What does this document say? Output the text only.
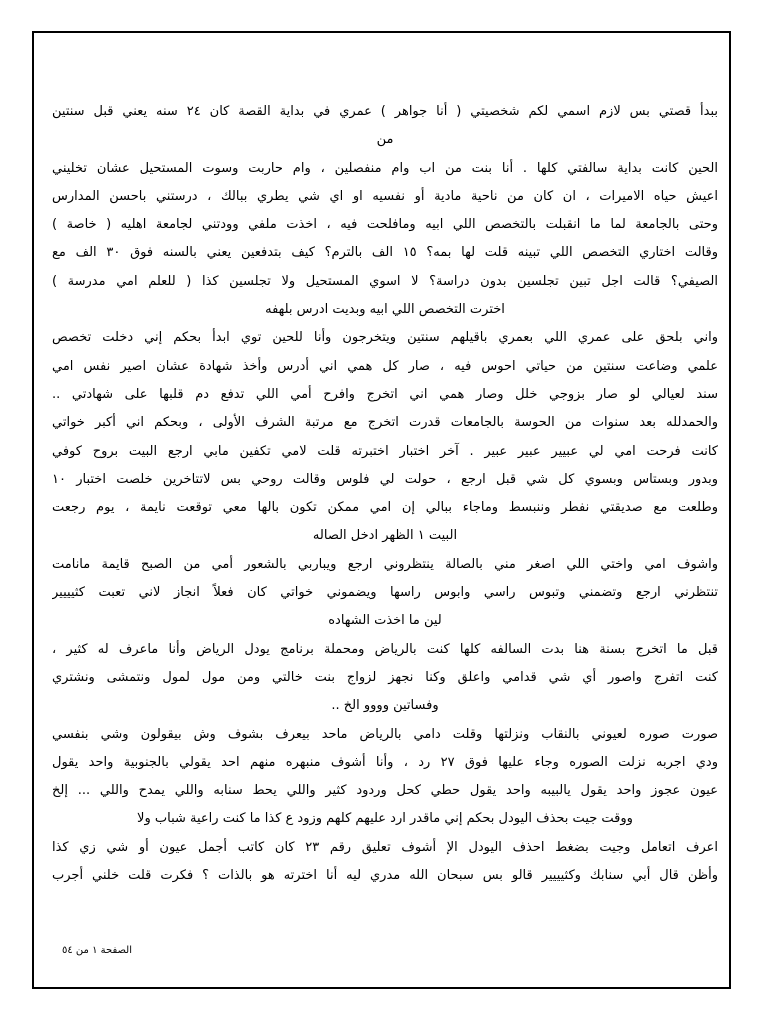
ببدأ قصتي بس لازم اسمي لكم شخصيتي ( أنا جواهر ) عمري في بداية القصة كان ٢٤ سنه يعني قبل سنتين
من
الحين كانت بداية سالفتي كلها . أنا بنت من اب وام منفصلين ، وام حاربت وسوت المستحيل عشان تخليني
اعيش حياه الاميرات ، ان كان من ناحية مادية أو نفسيه او اي شي يطري ببالك ، درستني باحسن المدارس
وحتى بالجامعة لما ما انقبلت بالتخصص اللي ابيه ومافلحت فيه ، اخذت ملفي وودتني لجامعة اهليه ( خاصة )
وقالت اختاري التخصص اللي تبينه قلت لها بمه؟ ١٥ الف بالترم؟ كيف بتدفعين يعني بالسنه فوق ٣٠ الف مع
الصيفي؟ قالت اجل تبين تجلسين بدون دراسة؟ لا اسوي المستحيل ولا تجلسين كذا ( للعلم امي مدرسة )
اخترت التخصص اللي ابيه وبديت ادرس بلهفه
واني بلحق على عمري اللي بعمري باقيلهم سنتين ويتخرجون وأنا للحين توي ابدأ بحكم إني دخلت تخصص
علمي وضاعت سنتين من حياتي احوس فيه ، صار كل همي اني أدرس وأخذ شهادة عشان اصير نفس امي
سند لعيالي لو صار بزوجي خلل وصار همي اني اتخرج وافرح أمي اللي تدفع دم قلبها على شهادتي ..
والحمدلله بعد سنوات من الحوسة بالجامعات قدرت اتخرج مع مرتبة الشرف الأولى ، وبحكم اني أكبر خواتي
كانت فرحت امي لي عبيير عبير عبير . آخر اختبار اختبرته قلت لامي تكفين مابي ارجع البيت بروح كوفي
وبدور وبستاس وبسوي كل شي قبل ارجع ، حولت لي فلوس وقالت روحي بس لاتتاخرين خلصت اختبار ١٠
وطلعت مع صديقتي نفطر وننبسط وماجاء ببالي إن امي ممكن تكون بالها معي توقعت نايمة ، يوم رجعت
البيت ١ الظهر ادخل الصاله
واشوف امي واختي اللي اصغر مني بالصالة ينتظروني ارجع ويباربي بالشعور أمي من الصبح قايمة مانامت
تنتظرني ارجع وتضمني وتبوس راسي وابوس راسها ويضموني خواتي كان فعلاً انجاز لاني تعبت كثيييير
لين ما اخذت الشهاده
قبل ما اتخرج بسنة هنا بدت السالفه كلها كنت بالرياض ومحملة برنامج يودل الرياض وأنا ماعرف له كثير ،
كنت اتفرج واصور أي شي قدامي واعلق وكنا نجهز لزواج بنت خالتي ومن مول لمول ونتمشى ونشتري
وفساتين وووو الخ ..
صورت صوره لعيوني بالنقاب ونزلتها وقلت دامي بالرياض ماحد بيعرف بشوف وش بيقولون وشي بنفسي
ودي اجربه نزلت الصوره وجاء عليها فوق ٢٧ رد ، وأنا أشوف منبهره منهم احد يقولي بالجنوبية واحد يقول
عيون عجوز واحد يقول يالبيبه واحد يقول حطي كحل وردود كثير واللي يحط سنابه واللي يمدح واللي ... إلخ
ووقت جيت بحذف اليودل بحكم إني ماقدر ارد عليهم كلهم وزود ع كذا ما كنت راعية شباب ولا
اعرف اتعامل وجيت بضغط احذف اليودل الإ أشوف تعليق رقم ٢٣ كان كاتب أجمل عيون أو شي زي كذا
وأظن قال أبي سنابك وكثيييير قالو بس سبحان الله مدري ليه أنا اخترته هو بالذات ؟ فكرت قلت خلني أجرب
الصفحة ١ من ٥٤
